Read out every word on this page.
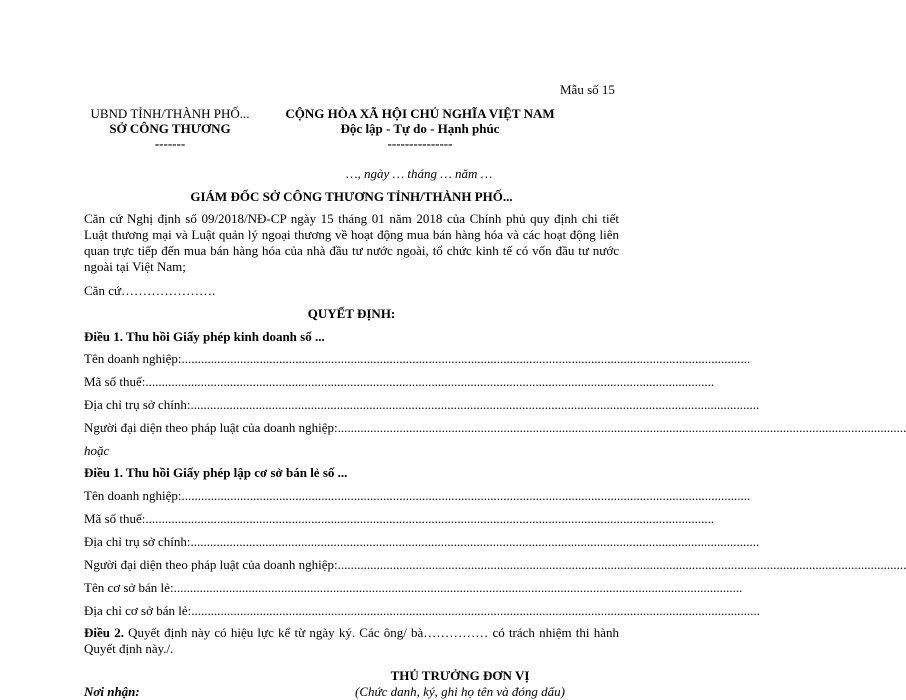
Mẫu số 15
UBND TỈNH/THÀNH PHỐ...
SỞ CÔNG THƯƠNG
-------
CỘNG HÒA XÃ HỘI CHỦ NGHĨA VIỆT NAM
Độc lập - Tự do - Hạnh phúc
---------------
…, ngày … tháng … năm …
GIÁM ĐỐC SỞ CÔNG THƯƠNG TỈNH/THÀNH PHỐ...
Căn cứ Nghị định số 09/2018/NĐ-CP ngày 15 tháng 01 năm 2018 của Chính phủ quy định chi tiết Luật thương mại và Luật quản lý ngoại thương về hoạt động mua bán hàng hóa và các hoạt động liên quan trực tiếp đến mua bán hàng hóa của nhà đầu tư nước ngoài, tổ chức kinh tế có vốn đầu tư nước ngoài tại Việt Nam;
Căn cứ………………….
QUYẾT ĐỊNH:
Điều 1. Thu hồi Giấy phép kinh doanh số ...
Tên doanh nghiệp:...............................................................................................................................................................................
Mã số thuế:...............................................................................................................................................................................
Địa chỉ trụ sở chính:...............................................................................................................................................................................
Người đại diện theo pháp luật của doanh nghiệp:...............................................................................................................................................................................
hoặc
Điều 1. Thu hồi Giấy phép lập cơ sở bán lẻ số ...
Tên doanh nghiệp:...............................................................................................................................................................................
Mã số thuế:...............................................................................................................................................................................
Địa chỉ trụ sở chính:...............................................................................................................................................................................
Người đại diện theo pháp luật của doanh nghiệp:...............................................................................................................................................................................
Tên cơ sở bán lẻ:...............................................................................................................................................................................
Địa chỉ cơ sở bán lẻ:...............................................................................................................................................................................
Điều 2. Quyết định này có hiệu lực kể từ ngày ký. Các ông/ bà…………… có trách nhiệm thi hành Quyết định này./.
THỦ TRƯỞNG ĐƠN VỊ
(Chức danh, ký, ghi họ tên và đóng dấu)
Nơi nhận:
